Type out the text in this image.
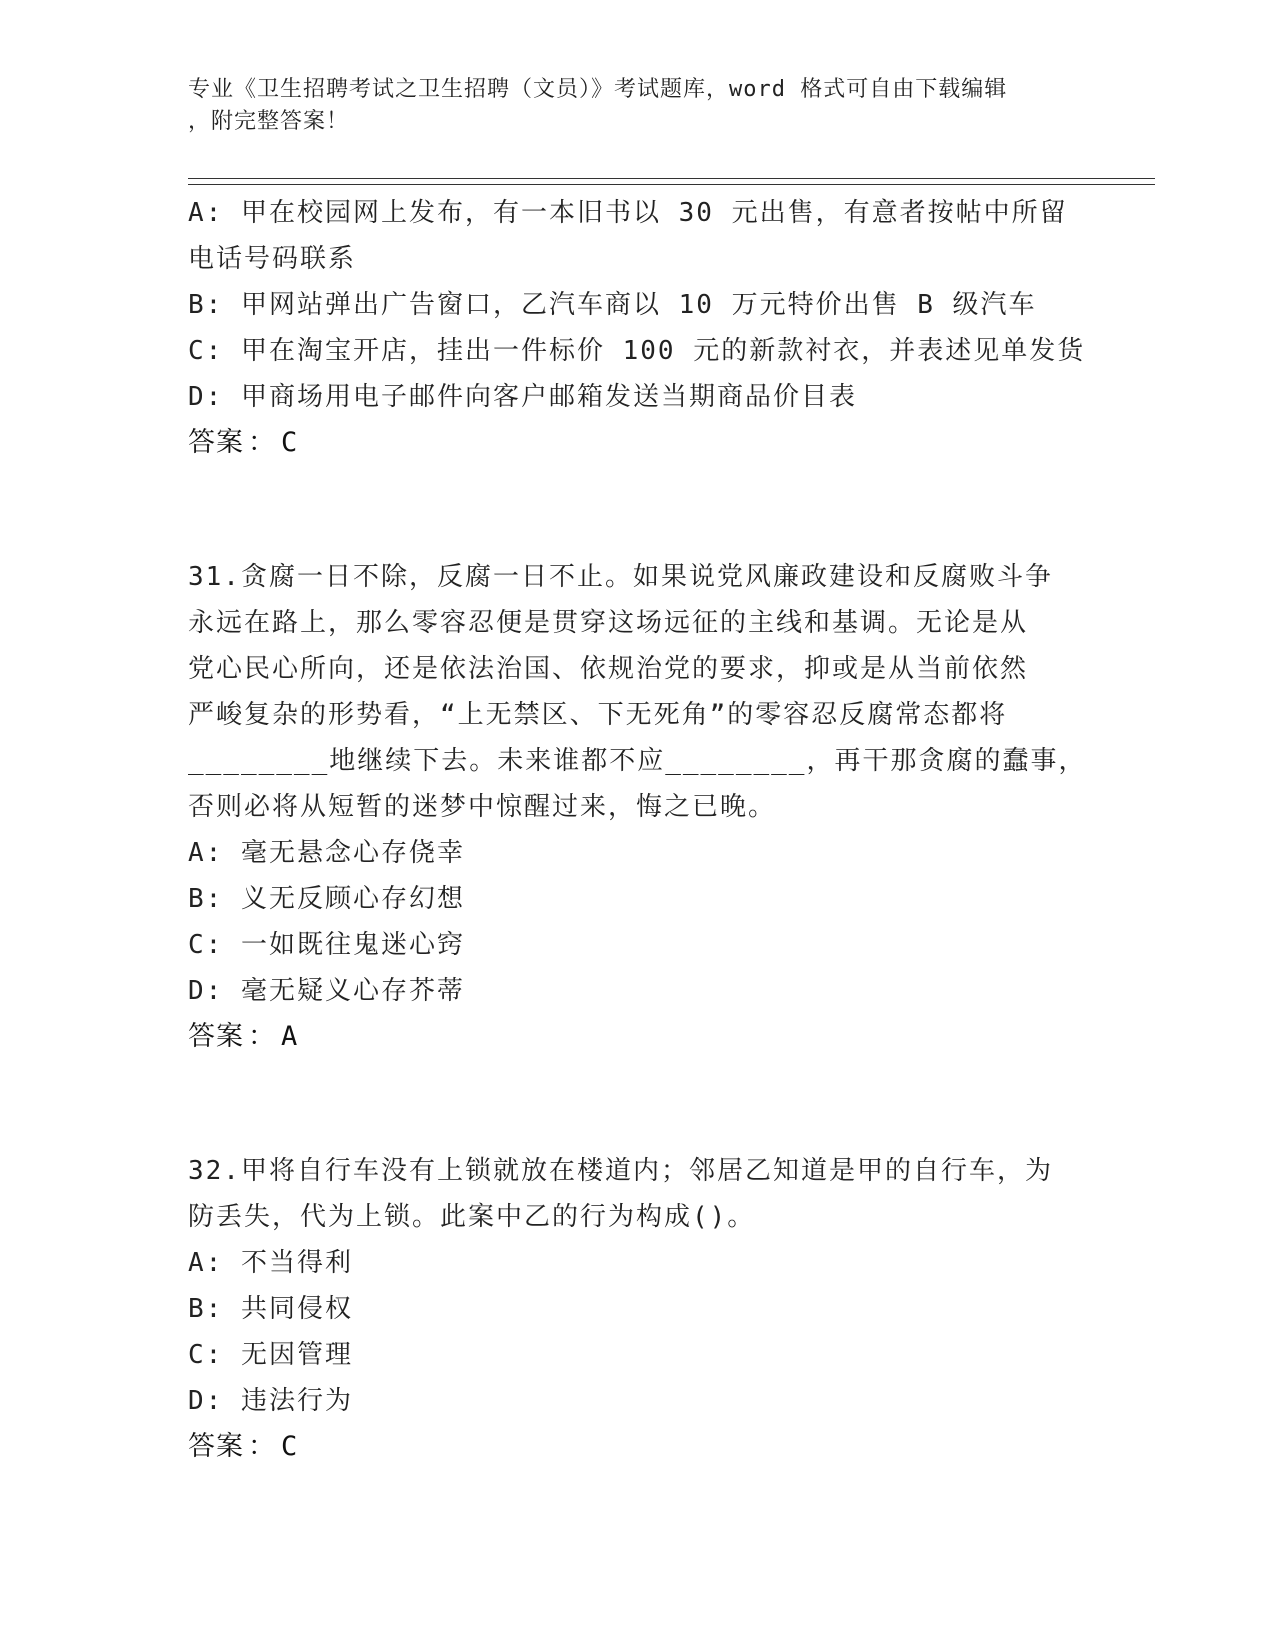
专业《卫生招聘考试之卫生招聘（文员）》考试题库，word 格式可自由下载编辑
，附完整答案！
A: 甲在校园网上发布，有一本旧书以 30 元出售，有意者按帖中所留
电话号码联系
B: 甲网站弹出广告窗口，乙汽车商以 10 万元特价出售 B 级汽车
C: 甲在淘宝开店，挂出一件标价 100 元的新款衬衣，并表述见单发货
D: 甲商场用电子邮件向客户邮箱发送当期商品价目表
答案 ： C
31.贪腐一日不除，反腐一日不止。如果说党风廉政建设和反腐败斗争
永远在路上，那么零容忍便是贯穿这场远征的主线和基调。无论是从
党心民心所向，还是依法治国、依规治党的要求，抑或是从当前依然
严峻复杂的形势看，“上无禁区、下无死角”的零容忍反腐常态都将
________地继续下去。未来谁都不应________，再干那贪腐的蠢事，
否则必将从短暂的迷梦中惊醒过来，悔之已晚。
A: 毫无悬念心存侥幸
B: 义无反顾心存幻想
C: 一如既往鬼迷心窍
D: 毫无疑义心存芥蒂
答案 ： A
32.甲将自行车没有上锁就放在楼道内；邻居乙知道是甲的自行车，为
防丢失，代为上锁。此案中乙的行为构成()。
A: 不当得利
B: 共同侵权
C: 无因管理
D: 违法行为
答案 ： C
